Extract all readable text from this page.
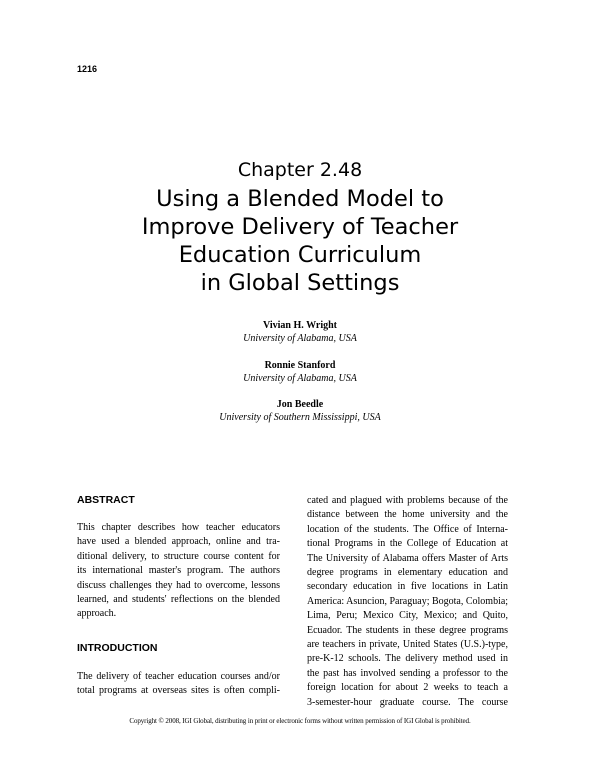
1216
Chapter 2.48
Using a Blended Model to
Improve Delivery of Teacher
Education Curriculum
in Global Settings
Vivian H. Wright
University of Alabama, USA
Ronnie Stanford
University of Alabama, USA
Jon Beedle
University of Southern Mississippi, USA
ABSTRACT
This chapter describes how teacher educators
have used a blended approach, online and tra-
ditional delivery, to structure course content for
its international master's program. The authors
discuss challenges they had to overcome, lessons
learned, and students' reflections on the blended
approach.
INTRODUCTION
The delivery of teacher education courses and/or
total programs at overseas sites is often compli-
cated and plagued with problems because of the
distance between the home university and the
location of the students. The Office of Interna-
tional Programs in the College of Education at
The University of Alabama offers Master of Arts
degree programs in elementary education and
secondary education in five locations in Latin
America: Asuncion, Paraguay; Bogota, Colombia;
Lima, Peru; Mexico City, Mexico; and Quito,
Ecuador. The students in these degree programs
are teachers in private, United States (U.S.)-type,
pre-K-12 schools. The delivery method used in
the past has involved sending a professor to the
foreign location for about 2 weeks to teach a
3-semester-hour graduate course. The course
Copyright © 2008, IGI Global, distributing in print or electronic forms without written permission of IGI Global is prohibited.
